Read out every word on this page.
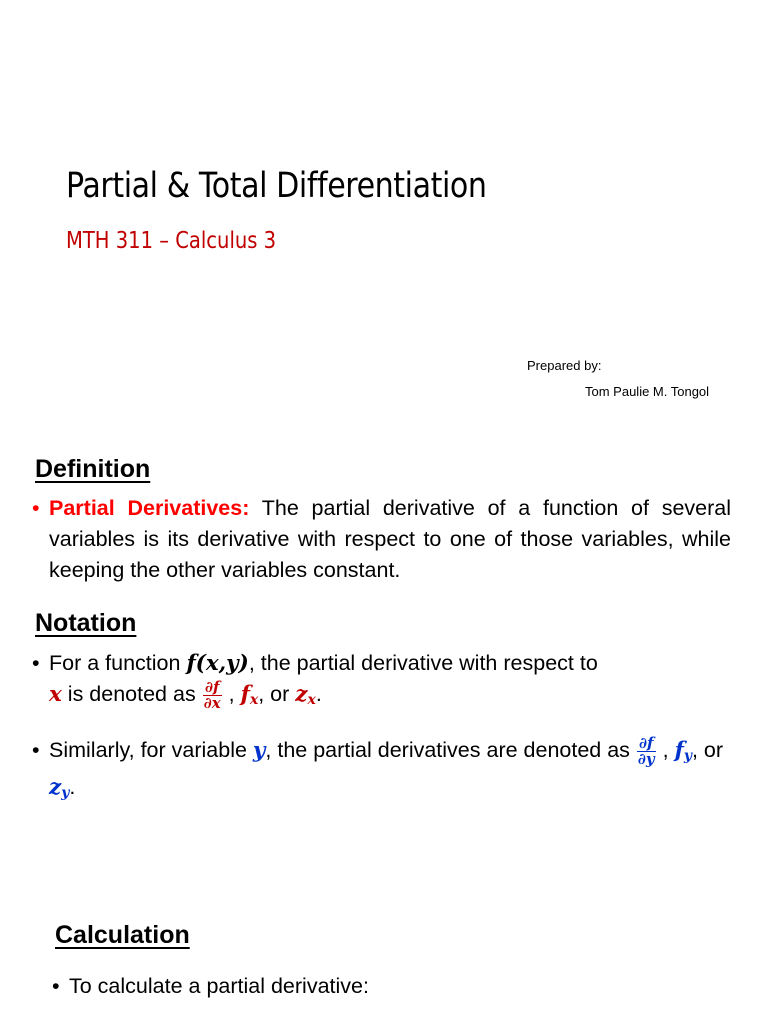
Partial & Total Differentiation
MTH 311 – Calculus 3
Prepared by:
Tom Paulie M. Tongol
Definition
• Partial Derivatives: The partial derivative of a function of several variables is its derivative with respect to one of those variables, while keeping the other variables constant.
Notation
• For a function f(x,y), the partial derivative with respect to
x is denoted as $\frac{\partial f}{\partial x}$ , $f_x$, or $z_x$.
• Similarly, for variable y, the partial derivatives are denoted as $\frac{\partial f}{\partial y}$ , $f_y$, or $z_y$.
Calculation
• To calculate a partial derivative:
